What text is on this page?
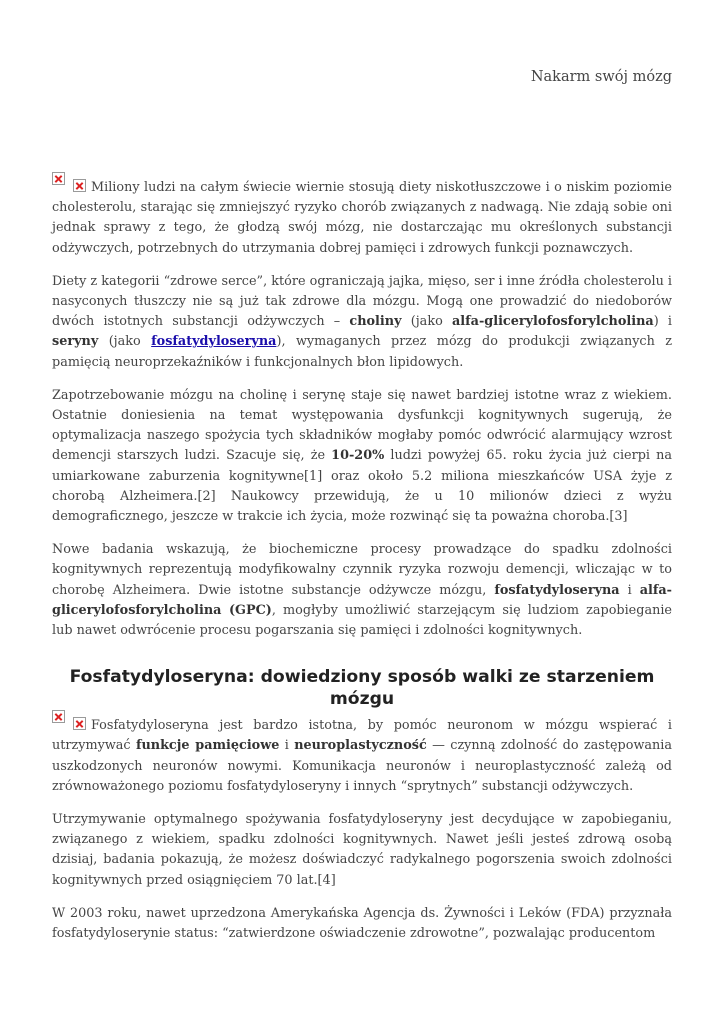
Nakarm swój mózg

Miliony ludzi na całym świecie wiernie stosują diety niskotłuszczowe i o niskim poziomie cholesterolu, starając się zmniejszyć ryzyko chorób związanych z nadwagą. Nie zdają sobie oni jednak sprawy z tego, że głodzą swój mózg, nie dostarczając mu określonych substancji odżywczych, potrzebnych do utrzymania dobrej pamięci i zdrowych funkcji poznawczych.

Diety z kategorii “zdrowe serce”, które ograniczają jajka, mięso, ser i inne źródła cholesterolu i nasyconych tłuszczy nie są już tak zdrowe dla mózgu. Mogą one prowadzić do niedoborów dwóch istotnych substancji odżywczych – choliny (jako alfa-glicerylofosforylcholina) i seryny (jako fosfatydyloseryna), wymaganych przez mózg do produkcji związanych z pamięcią neuroprzekaźników i funkcjonalnych błon lipidowych.

Zapotrzebowanie mózgu na cholinę i serynę staje się nawet bardziej istotne wraz z wiekiem. Ostatnie doniesienia na temat występowania dysfunkcji kognitywnych sugerują, że optymalizacja naszego spożycia tych składników mogłaby pomóc odwrócić alarmujący wzrost demencji starszych ludzi. Szacuje się, że 10-20% ludzi powyżej 65. roku życia już cierpi na umiarkowane zaburzenia kognitywne[1] oraz około 5.2 miliona mieszkańców USA żyje z chorobą Alzheimera.[2] Naukowcy przewidują, że u 10 milionów dzieci z wyżu demograficznego, jeszcze w trakcie ich życia, może rozwinąć się ta poważna choroba.[3]

Nowe badania wskazują, że biochemiczne procesy prowadzące do spadku zdolności kognitywnych reprezentują modyfikowalny czynnik ryzyka rozwoju demencji, wliczając w to chorobę Alzheimera. Dwie istotne substancje odżywcze mózgu, fosfatydyloseryna i alfa-glicerylofosforylcholina (GPC), mogłyby umożliwić starzejącym się ludziom zapobieganie lub nawet odwrócenie procesu pogarszania się pamięci i zdolności kognitywnych.

Fosfatydyloseryna: dowiedziony sposób walki ze starzeniem mózgu

Fosfatydyloseryna jest bardzo istotna, by pomóc neuronom w mózgu wspierać i utrzymywać funkcje pamięciowe i neuroplastyczność — czynną zdolność do zastępowania uszkodzonych neuronów nowymi. Komunikacja neuronów i neuroplastyczność zależą od zrównoważonego poziomu fosfatydyloseryny i innych “sprytnych” substancji odżywczych.

Utrzymywanie optymalnego spożywania fosfatydyloseryny jest decydujące w zapobieganiu, związanego z wiekiem, spadku zdolności kognitywnych. Nawet jeśli jesteś zdrową osobą dzisiaj, badania pokazują, że możesz doświadczyć radykalnego pogorszenia swoich zdolności kognitywnych przed osiągnięciem 70 lat.[4]

W 2003 roku, nawet uprzedzona Amerykańska Agencja ds. Żywności i Leków (FDA) przyznała fosfatydyloserynie status: “zatwierdzone oświadczenie zdrowotne”, pozwalając producentom
